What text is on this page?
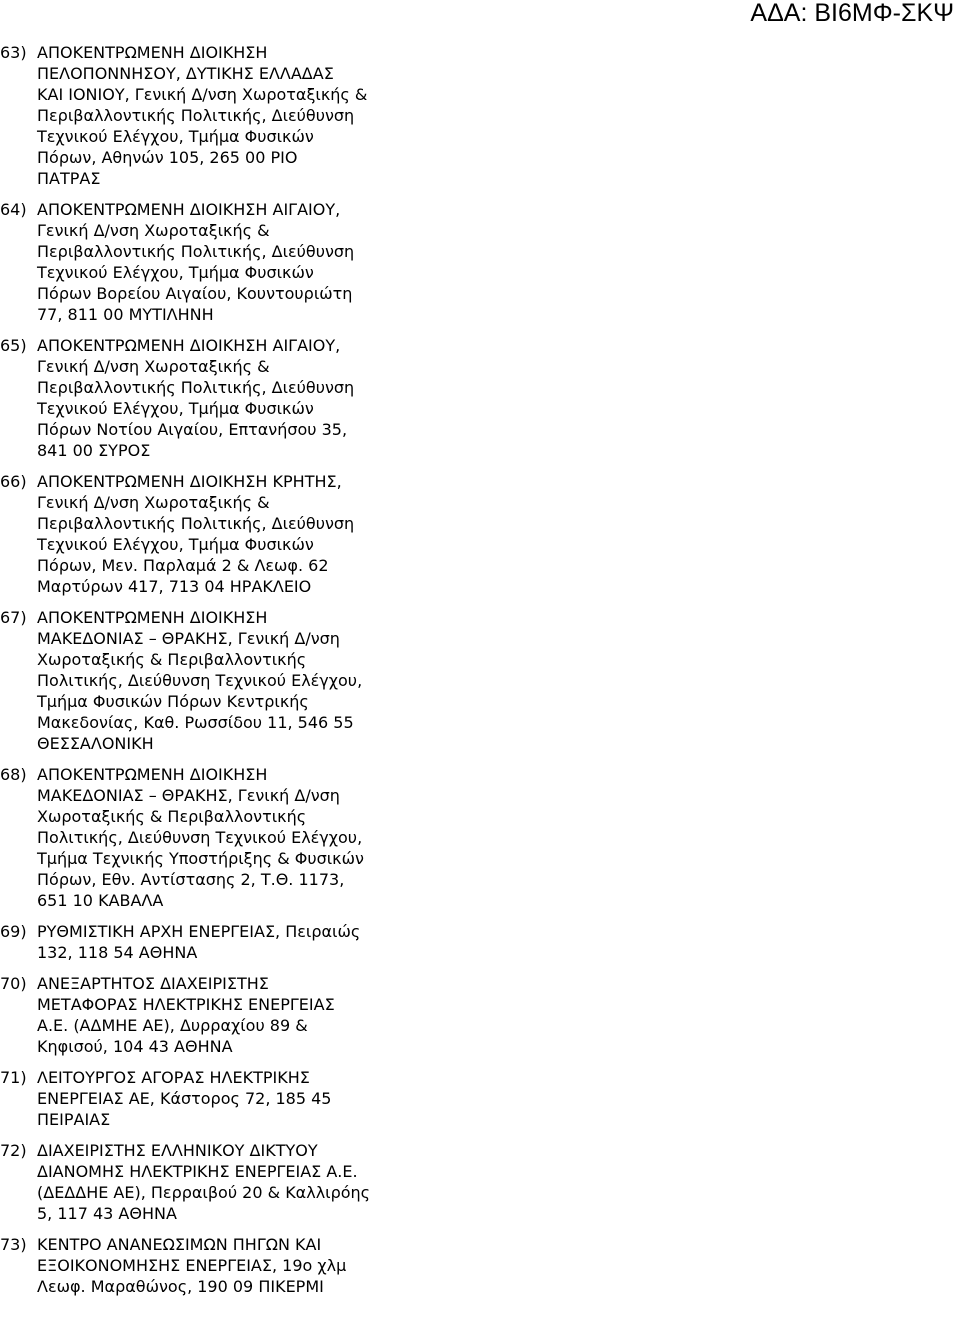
ΑΔΑ: ΒΙ6ΜΦ-ΣΚΨ
63) ΑΠΟΚΕΝΤΡΩΜΕΝΗ ΔΙΟΙΚΗΣΗ
ΠΕΛΟΠΟΝΝΗΣΟΥ, ΔΥΤΙΚΗΣ ΕΛΛΑΔΑΣ
ΚΑΙ ΙΟΝΙΟΥ, Γενική Δ/νση Χωροταξικής &
Περιβαλλοντικής Πολιτικής, Διεύθυνση
Τεχνικού Ελέγχου, Τμήμα Φυσικών
Πόρων, Αθηνών 105, 265 00 ΡΙΟ
ΠΑΤΡΑΣ
64) ΑΠΟΚΕΝΤΡΩΜΕΝΗ ΔΙΟΙΚΗΣΗ ΑΙΓΑΙΟΥ,
Γενική Δ/νση Χωροταξικής &
Περιβαλλοντικής Πολιτικής, Διεύθυνση
Τεχνικού Ελέγχου, Τμήμα Φυσικών
Πόρων Βορείου Αιγαίου, Κουντουριώτη
77, 811 00 ΜΥΤΙΛΗΝΗ
65) ΑΠΟΚΕΝΤΡΩΜΕΝΗ ΔΙΟΙΚΗΣΗ ΑΙΓΑΙΟΥ,
Γενική Δ/νση Χωροταξικής &
Περιβαλλοντικής Πολιτικής, Διεύθυνση
Τεχνικού Ελέγχου, Τμήμα Φυσικών
Πόρων Νοτίου Αιγαίου, Επτανήσου 35,
841 00 ΣΥΡΟΣ
66) ΑΠΟΚΕΝΤΡΩΜΕΝΗ ΔΙΟΙΚΗΣΗ ΚΡΗΤΗΣ,
Γενική Δ/νση Χωροταξικής &
Περιβαλλοντικής Πολιτικής, Διεύθυνση
Τεχνικού Ελέγχου, Τμήμα Φυσικών
Πόρων, Μεν. Παρλαμά 2 & Λεωφ. 62
Μαρτύρων 417, 713 04 ΗΡΑΚΛΕΙΟ
67) ΑΠΟΚΕΝΤΡΩΜΕΝΗ ΔΙΟΙΚΗΣΗ
ΜΑΚΕΔΟΝΙΑΣ – ΘΡΑΚΗΣ, Γενική Δ/νση
Χωροταξικής & Περιβαλλοντικής
Πολιτικής, Διεύθυνση Τεχνικού Ελέγχου,
Τμήμα Φυσικών Πόρων Κεντρικής
Μακεδονίας, Καθ. Ρωσσίδου 11, 546 55
ΘΕΣΣΑΛΟΝΙΚΗ
68) ΑΠΟΚΕΝΤΡΩΜΕΝΗ ΔΙΟΙΚΗΣΗ
ΜΑΚΕΔΟΝΙΑΣ – ΘΡΑΚΗΣ, Γενική Δ/νση
Χωροταξικής & Περιβαλλοντικής
Πολιτικής, Διεύθυνση Τεχνικού Ελέγχου,
Τμήμα Τεχνικής Υποστήριξης & Φυσικών
Πόρων, Εθν. Αντίστασης 2, Τ.Θ. 1173,
651 10 ΚΑΒΑΛΑ
69) ΡΥΘΜΙΣΤΙΚΗ ΑΡΧΗ ΕΝΕΡΓΕΙΑΣ, Πειραιώς
132, 118 54 ΑΘΗΝΑ
70) ΑΝΕΞΑΡΤΗΤΟΣ ΔΙΑΧΕΙΡΙΣΤΗΣ
ΜΕΤΑΦΟΡΑΣ ΗΛΕΚΤΡΙΚΗΣ ΕΝΕΡΓΕΙΑΣ
Α.Ε. (ΑΔΜΗΕ ΑΕ), Δυρραχίου 89 &
Κηφισού, 104 43 ΑΘΗΝΑ
71) ΛΕΙΤΟΥΡΓΟΣ ΑΓΟΡΑΣ ΗΛΕΚΤΡΙΚΗΣ
ΕΝΕΡΓΕΙΑΣ ΑΕ, Κάστορος 72, 185 45
ΠΕΙΡΑΙΑΣ
72) ΔΙΑΧΕΙΡΙΣΤΗΣ ΕΛΛΗΝΙΚΟΥ ΔΙΚΤΥΟΥ
ΔΙΑΝΟΜΗΣ ΗΛΕΚΤΡΙΚΗΣ ΕΝΕΡΓΕΙΑΣ Α.Ε.
(ΔΕΔΔΗΕ ΑΕ), Περραιβού 20 & Καλλιρόης
5, 117 43 ΑΘΗΝΑ
73) ΚΕΝΤΡΟ ΑΝΑΝΕΩΣΙΜΩΝ ΠΗΓΩΝ ΚΑΙ
ΕΞΟΙΚΟΝΟΜΗΣΗΣ ΕΝΕΡΓΕΙΑΣ, 19ο χλμ
Λεωφ. Μαραθώνος, 190 09 ΠΙΚΕΡΜΙ
